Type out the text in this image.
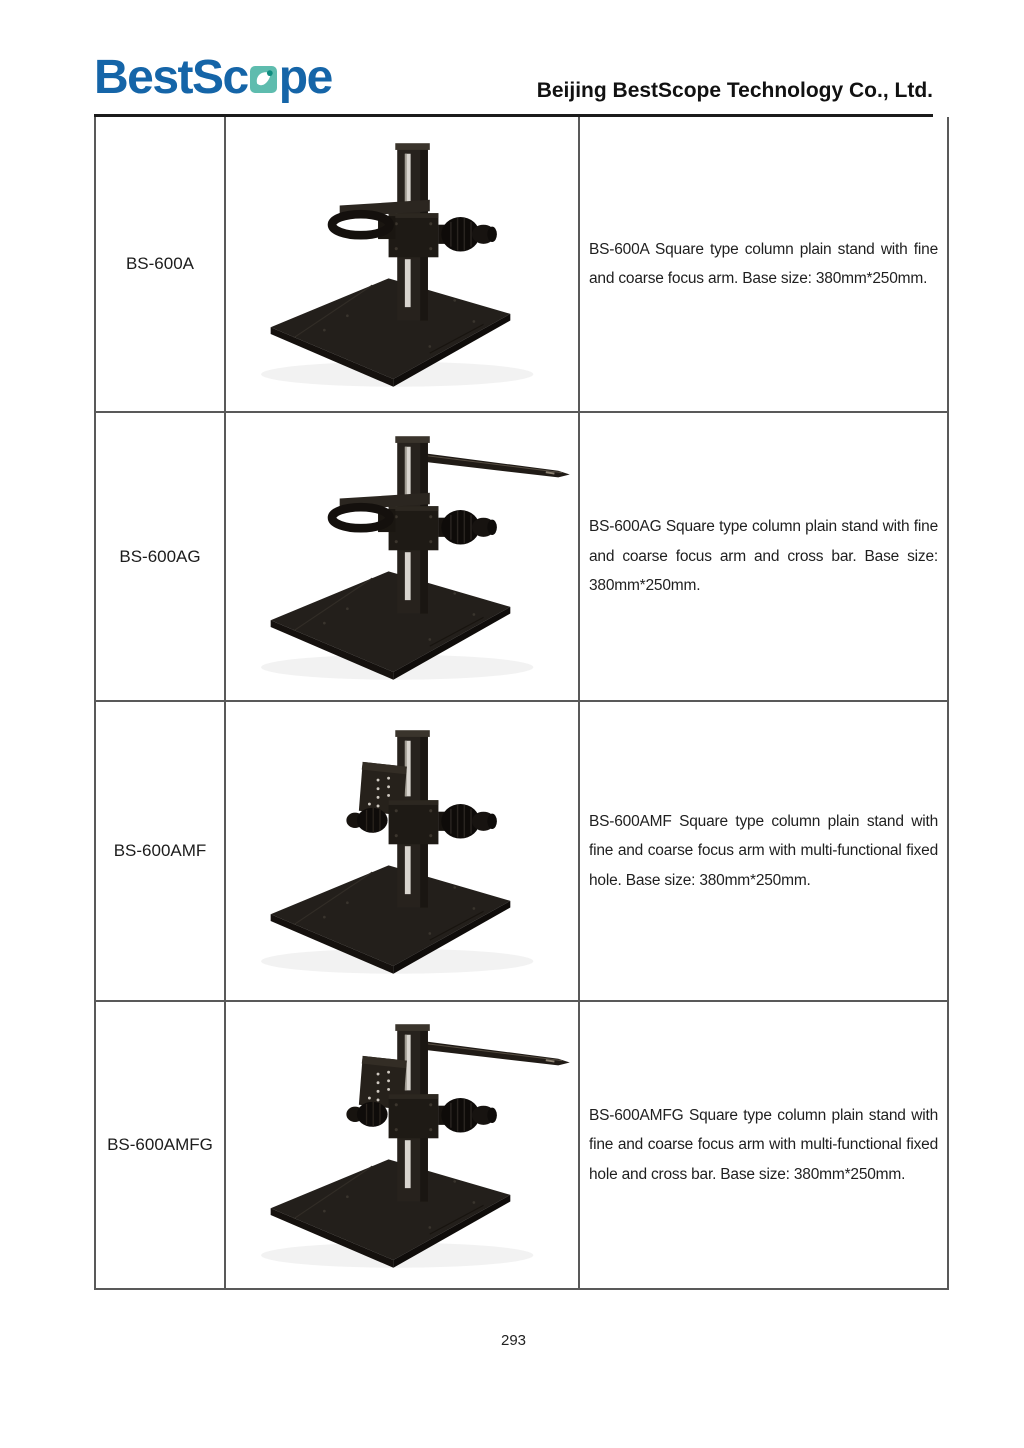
BestSc pe	Beijing BestScope Technology Co., Ltd.
BS-600A		BS-600A Square type column plain stand with fine and coarse focus arm. Base size: 380mm*250mm.

BS-600AG		BS-600AG Square type column plain stand with fine and coarse focus arm and cross bar. Base size: 380mm*250mm.

BS-600AMF		BS-600AMF Square type column plain stand with fine and coarse focus arm with multi-functional fixed hole. Base size: 380mm*250mm.

BS-600AMFG		BS-600AMFG Square type column plain stand with fine and coarse focus arm with multi-functional fixed hole and cross bar. Base size: 380mm*250mm.

293
